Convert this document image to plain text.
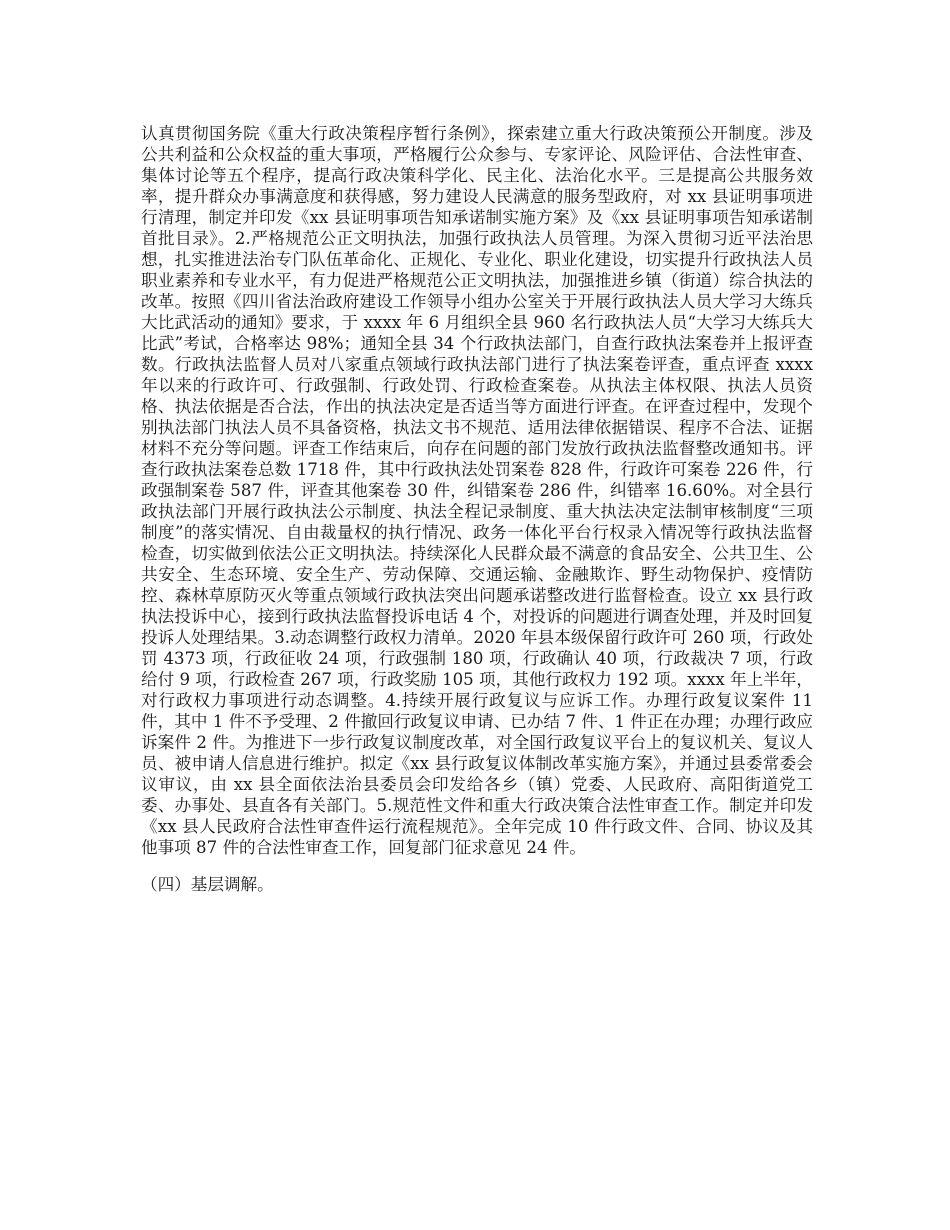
认真贯彻国务院《重大行政决策程序暂行条例》，探索建立重大行政决策预公开制度。涉及公共利益和公众权益的重大事项，严格履行公众参与、专家评论、风险评估、合法性审查、集体讨论等五个程序，提高行政决策科学化、民主化、法治化水平。三是提高公共服务效率，提升群众办事满意度和获得感，努力建设人民满意的服务型政府，对 xx 县证明事项进行清理，制定并印发《xx 县证明事项告知承诺制实施方案》及《xx 县证明事项告知承诺制首批目录》。2.严格规范公正文明执法，加强行政执法人员管理。为深入贯彻习近平法治思想，扎实推进法治专门队伍革命化、正规化、专业化、职业化建设，切实提升行政执法人员职业素养和专业水平，有力促进严格规范公正文明执法，加强推进乡镇（街道）综合执法的改革。按照《四川省法治政府建设工作领导小组办公室关于开展行政执法人员大学习大练兵大比武活动的通知》要求，于 xxxx 年 6 月组织全县 960 名行政执法人员“大学习大练兵大比武”考试，合格率达 98%；通知全县 34 个行政执法部门，自查行政执法案卷并上报评查数。行政执法监督人员对八家重点领域行政执法部门进行了执法案卷评查，重点评查 xxxx 年以来的行政许可、行政强制、行政处罚、行政检查案卷。从执法主体权限、执法人员资格、执法依据是否合法，作出的执法决定是否适当等方面进行评查。在评查过程中，发现个别执法部门执法人员不具备资格，执法文书不规范、适用法律依据错误、程序不合法、证据材料不充分等问题。评查工作结束后，向存在问题的部门发放行政执法监督整改通知书。评查行政执法案卷总数 1718 件，其中行政执法处罚案卷 828 件，行政许可案卷 226 件，行政强制案卷 587 件，评查其他案卷 30 件，纠错案卷 286 件，纠错率 16.60%。对全县行政执法部门开展行政执法公示制度、执法全程记录制度、重大执法决定法制审核制度“三项制度”的落实情况、自由裁量权的执行情况、政务一体化平台行权录入情况等行政执法监督检查，切实做到依法公正文明执法。持续深化人民群众最不满意的食品安全、公共卫生、公共安全、生态环境、安全生产、劳动保障、交通运输、金融欺诈、野生动物保护、疫情防控、森林草原防灭火等重点领域行政执法突出问题承诺整改进行监督检查。设立 xx 县行政执法投诉中心，接到行政执法监督投诉电话 4 个，对投诉的问题进行调查处理，并及时回复投诉人处理结果。3.动态调整行政权力清单。2020 年县本级保留行政许可 260 项，行政处罚 4373 项，行政征收 24 项，行政强制 180 项，行政确认 40 项，行政裁决 7 项，行政给付 9 项，行政检查 267 项，行政奖励 105 项，其他行政权力 192 项。xxxx 年上半年，对行政权力事项进行动态调整。4.持续开展行政复议与应诉工作。办理行政复议案件 11 件，其中 1 件不予受理、2 件撤回行政复议申请、已办结 7 件、1 件正在办理；办理行政应诉案件 2 件。为推进下一步行政复议制度改革，对全国行政复议平台上的复议机关、复议人员、被申请人信息进行维护。拟定《xx 县行政复议体制改革实施方案》，并通过县委常委会议审议，由 xx 县全面依法治县委员会印发给各乡（镇）党委、人民政府、高阳街道党工委、办事处、县直各有关部门。5.规范性文件和重大行政决策合法性审查工作。制定并印发《xx 县人民政府合法性审查件运行流程规范》。全年完成 10 件行政文件、合同、协议及其他事项 87 件的合法性审查工作，回复部门征求意见 24 件。

（四）基层调解。
